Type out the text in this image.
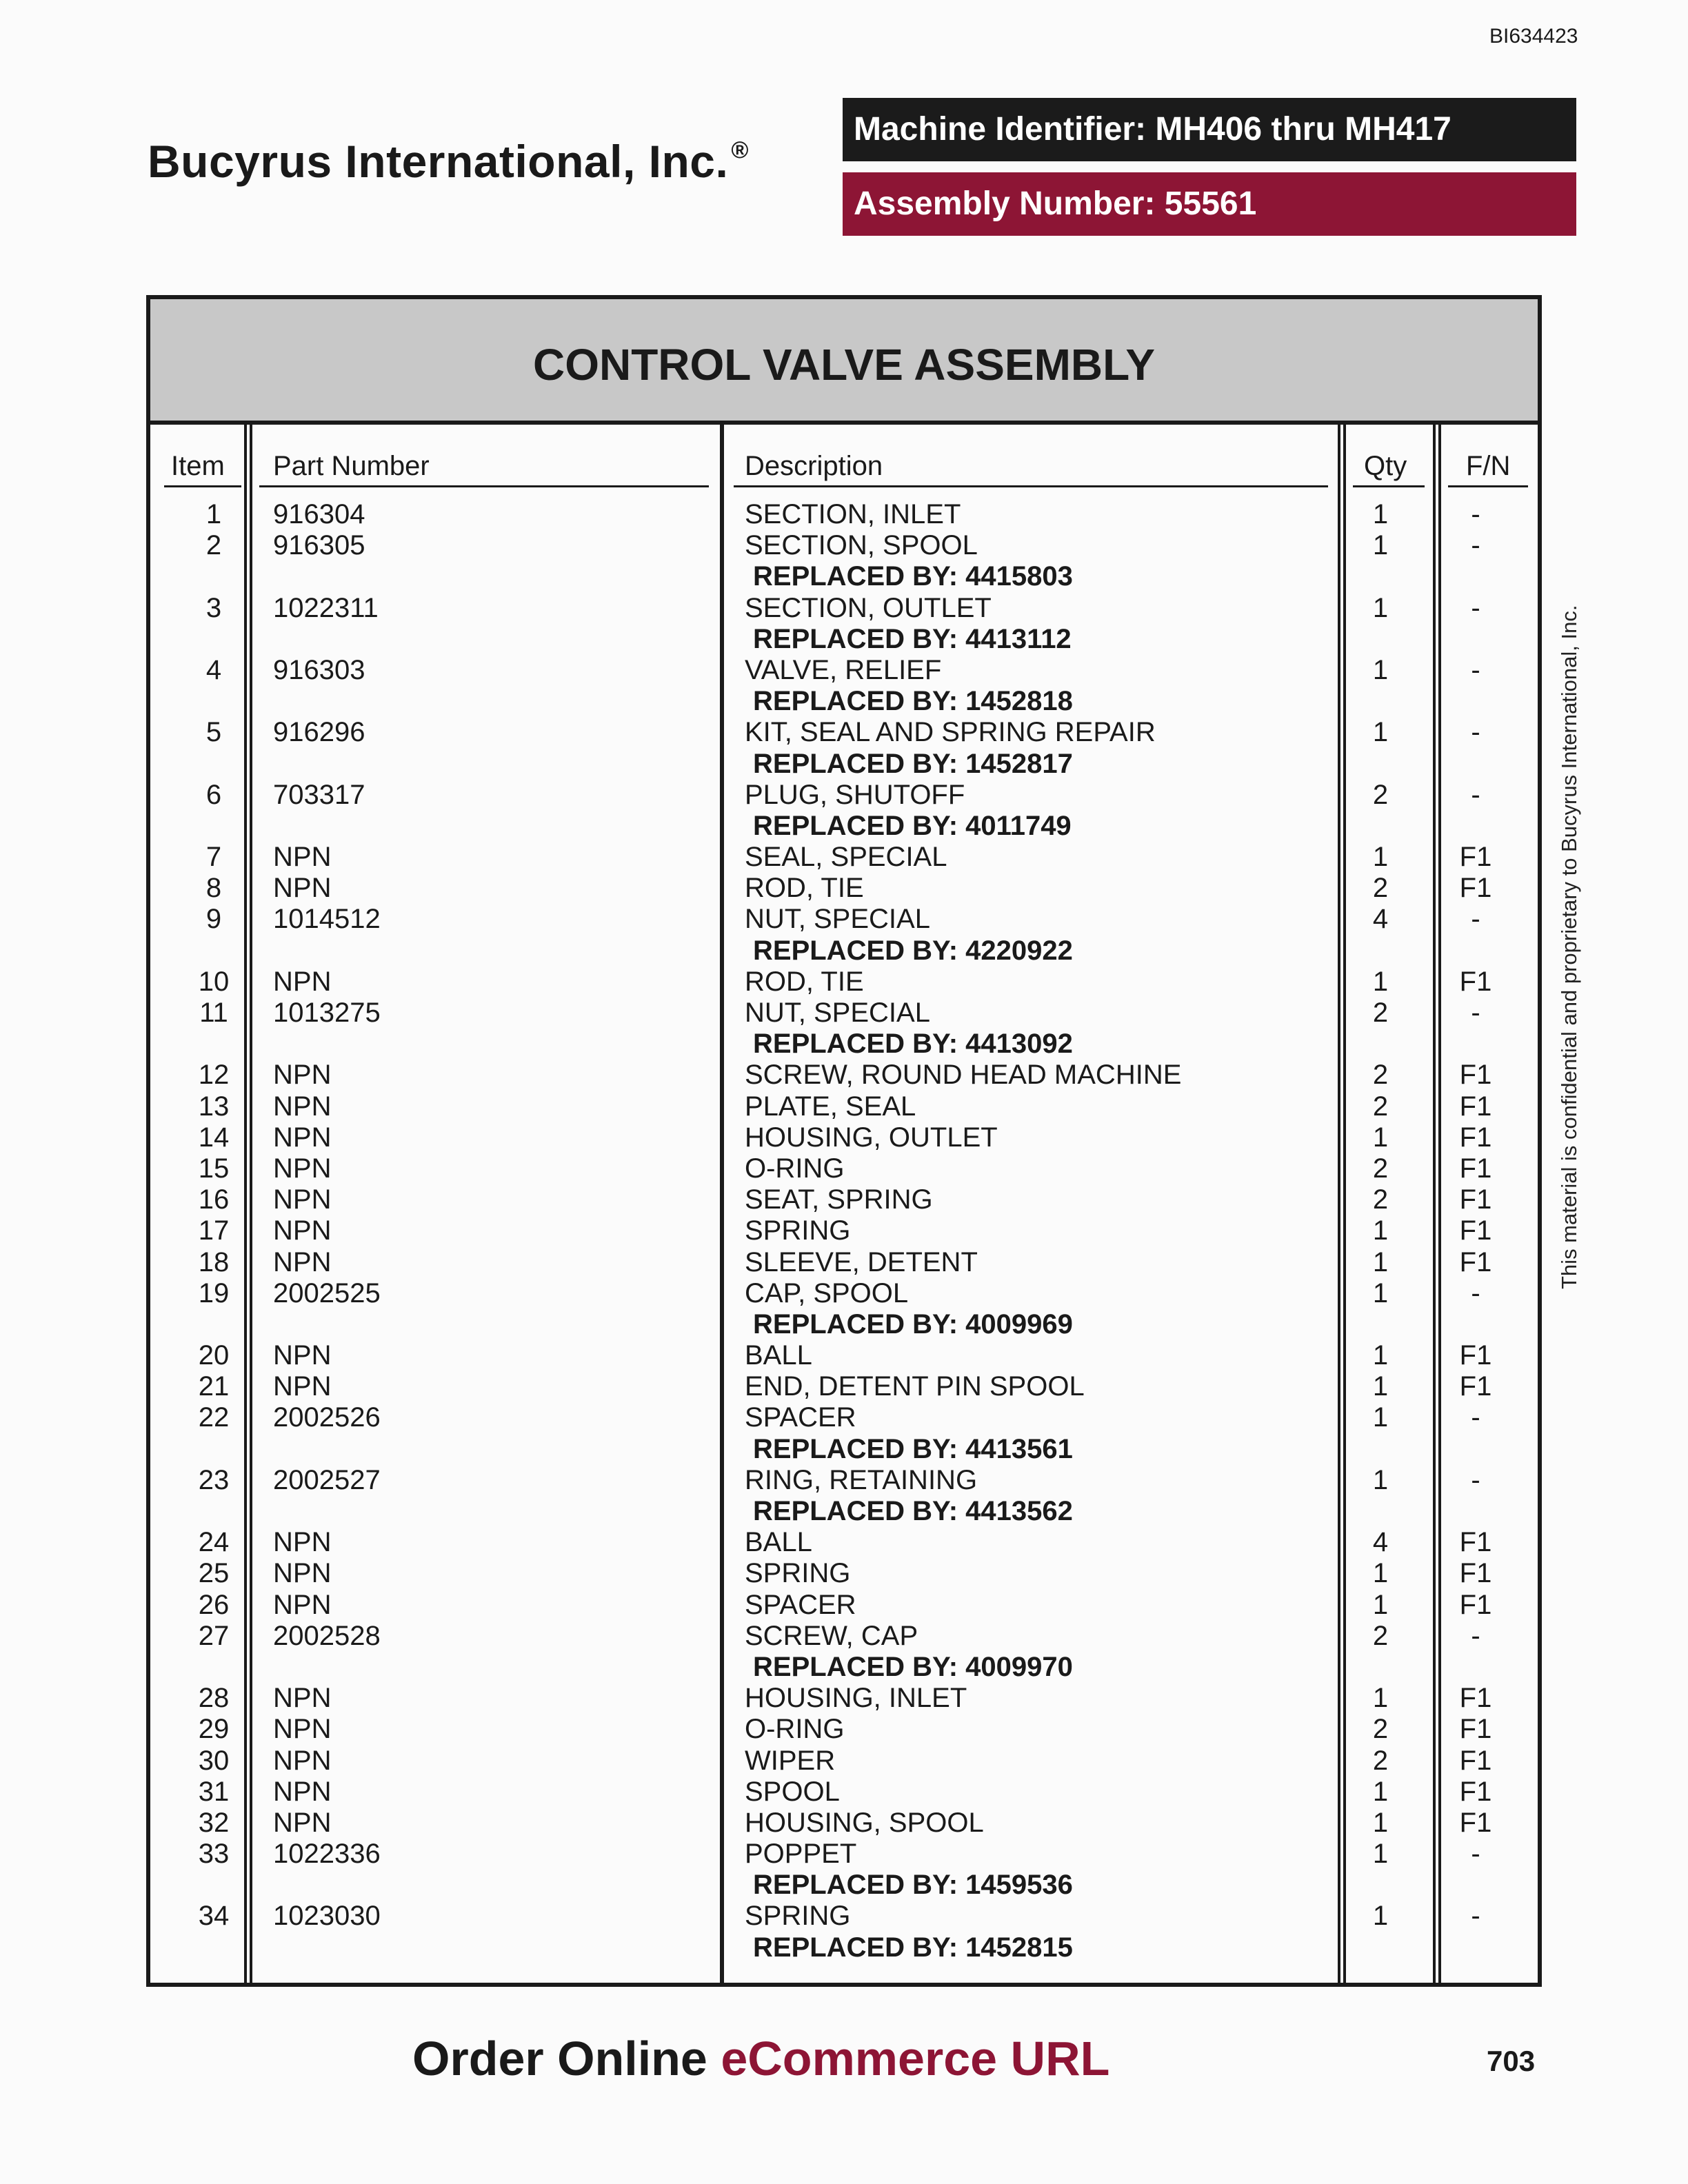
BI634423
Bucyrus International, Inc. ®
Machine Identifier: MH406 thru MH417
Assembly Number: 55561
CONTROL VALVE ASSEMBLY
Item Part Number	Description	Qty F/N
1	916304	SECTION, INLET	1	-
2	916305	SECTION, SPOOL	1	-
REPLACED BY: 4415803
3	1022311	SECTION, OUTLET	1	-
REPLACED BY: 4413112
4	916303	VALVE, RELIEF	1	-
REPLACED BY: 1452818
5	916296	KIT, SEAL AND SPRING REPAIR	1	-
REPLACED BY: 1452817
6	703317	PLUG, SHUTOFF	2	-
REPLACED BY: 4011749
7	NPN	SEAL, SPECIAL	1	F1
8	NPN	ROD, TIE	2	F1
9	1014512	NUT, SPECIAL	4	-
REPLACED BY: 4220922
10 NPN	ROD, TIE	1	F1
11 1013275	NUT, SPECIAL	2	-
REPLACED BY: 4413092
12 NPN	SCREW, ROUND HEAD MACHINE	2	F1
13 NPN	PLATE, SEAL	2	F1
14 NPN	HOUSING, OUTLET	1	F1
15 NPN	O-RING	2	F1
16 NPN	SEAT, SPRING	2	F1
17 NPN	SPRING	1	F1
18 NPN	SLEEVE, DETENT	1	F1
19 2002525	CAP, SPOOL	1	-
REPLACED BY: 4009969
20 NPN	BALL	1	F1
21 NPN	END, DETENT PIN SPOOL	1	F1
22 2002526	SPACER	1	-
REPLACED BY: 4413561
23 2002527	RING, RETAINING	1	-
REPLACED BY: 4413562
24 NPN	BALL	4	F1
25 NPN	SPRING	1	F1
26 NPN	SPACER	1	F1
27 2002528	SCREW, CAP	2	-
REPLACED BY: 4009970
28 NPN	HOUSING, INLET	1	F1
29 NPN	O-RING	2	F1
30 NPN	WIPER	2	F1
31 NPN	SPOOL	1	F1
32 NPN	HOUSING, SPOOL	1	F1
33 1022336	POPPET	1	-
REPLACED BY: 1459536
34 1023030	SPRING	1	-
REPLACED BY: 1452815
This material is confidential and proprietary to Bucyrus International, Inc.
Order Online eCommerce URL	703
